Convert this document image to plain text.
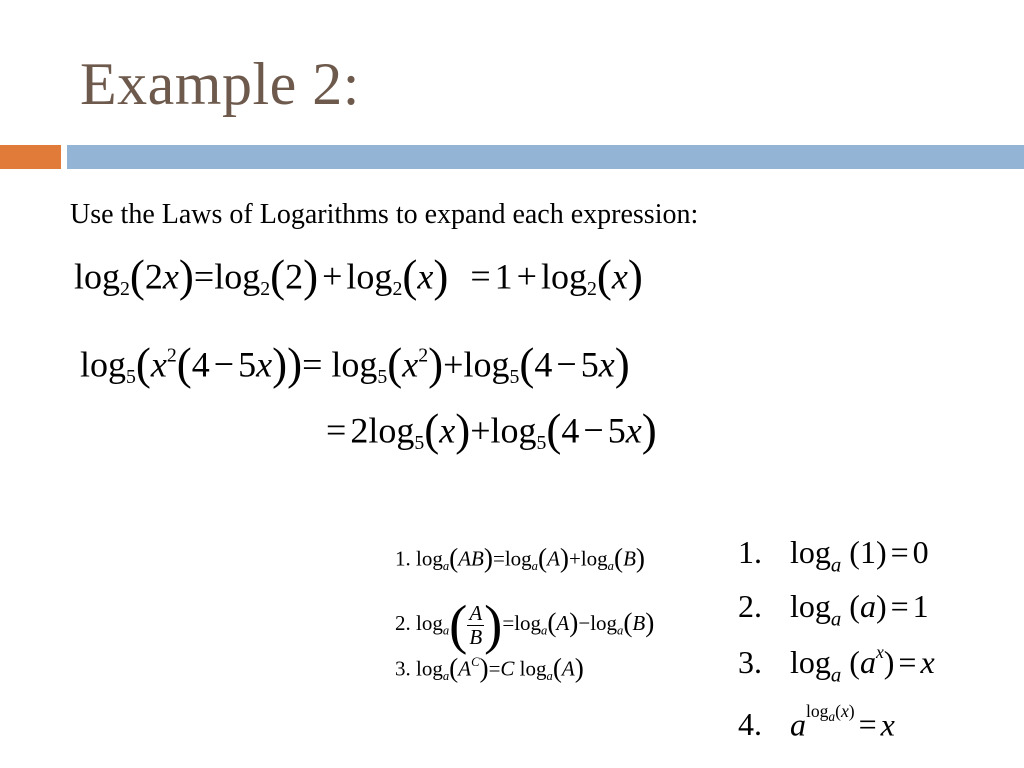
Example 2:
Use the Laws of Logarithms to expand each expression:
$\log_2(2x)=\log_2(2) + \log_2(x) = 1 + \log_2(x)$
$\log_5(x^2(4 - 5x))= \log_5(x^2)+\log_5(4 - 5x)$
= $2\log_5(x)+\log_5(4 - 5x)$
1. $\log_a(AB)=\log_a(A)+\log_a(B)$
2. $\log_a( \frac{A}{B} )=\log_a(A)-\log_a(B)$
3. $\log_a(A^C)=C$ $\log_a(A)$
1. $\log_a (1) = 0$
2. $\log_a (a) = 1$
3. $\log_a (a^x) = x$
4. $a^{log_a(x)} = x$
